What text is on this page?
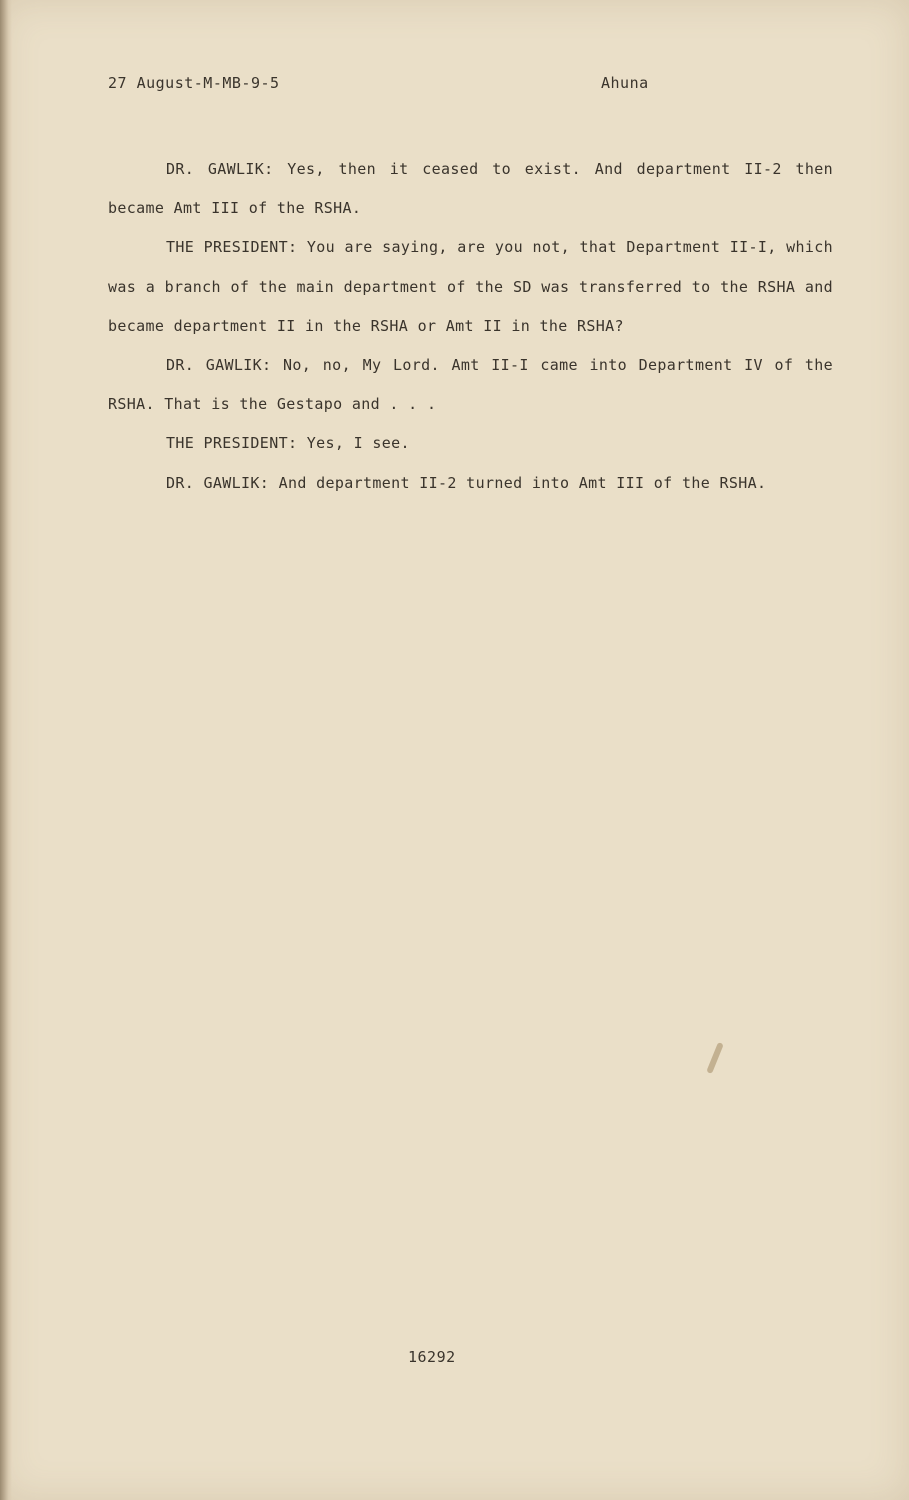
27 August-M-MB-9-5	Ahuna

DR. GAWLIK: Yes, then it ceased to exist. And department II-2 then became Amt III of the RSHA.

THE PRESIDENT: You are saying, are you not, that Department II-I, which was a branch of the main department of the SD was transferred to the RSHA and became department II in the RSHA or Amt II in the RSHA?

DR. GAWLIK: No, no, My Lord. Amt II-I came into Department IV of the RSHA. That is the Gestapo and . . .

THE PRESIDENT: Yes, I see.

DR. GAWLIK: And department II-2 turned into Amt III of the RSHA.

16292
